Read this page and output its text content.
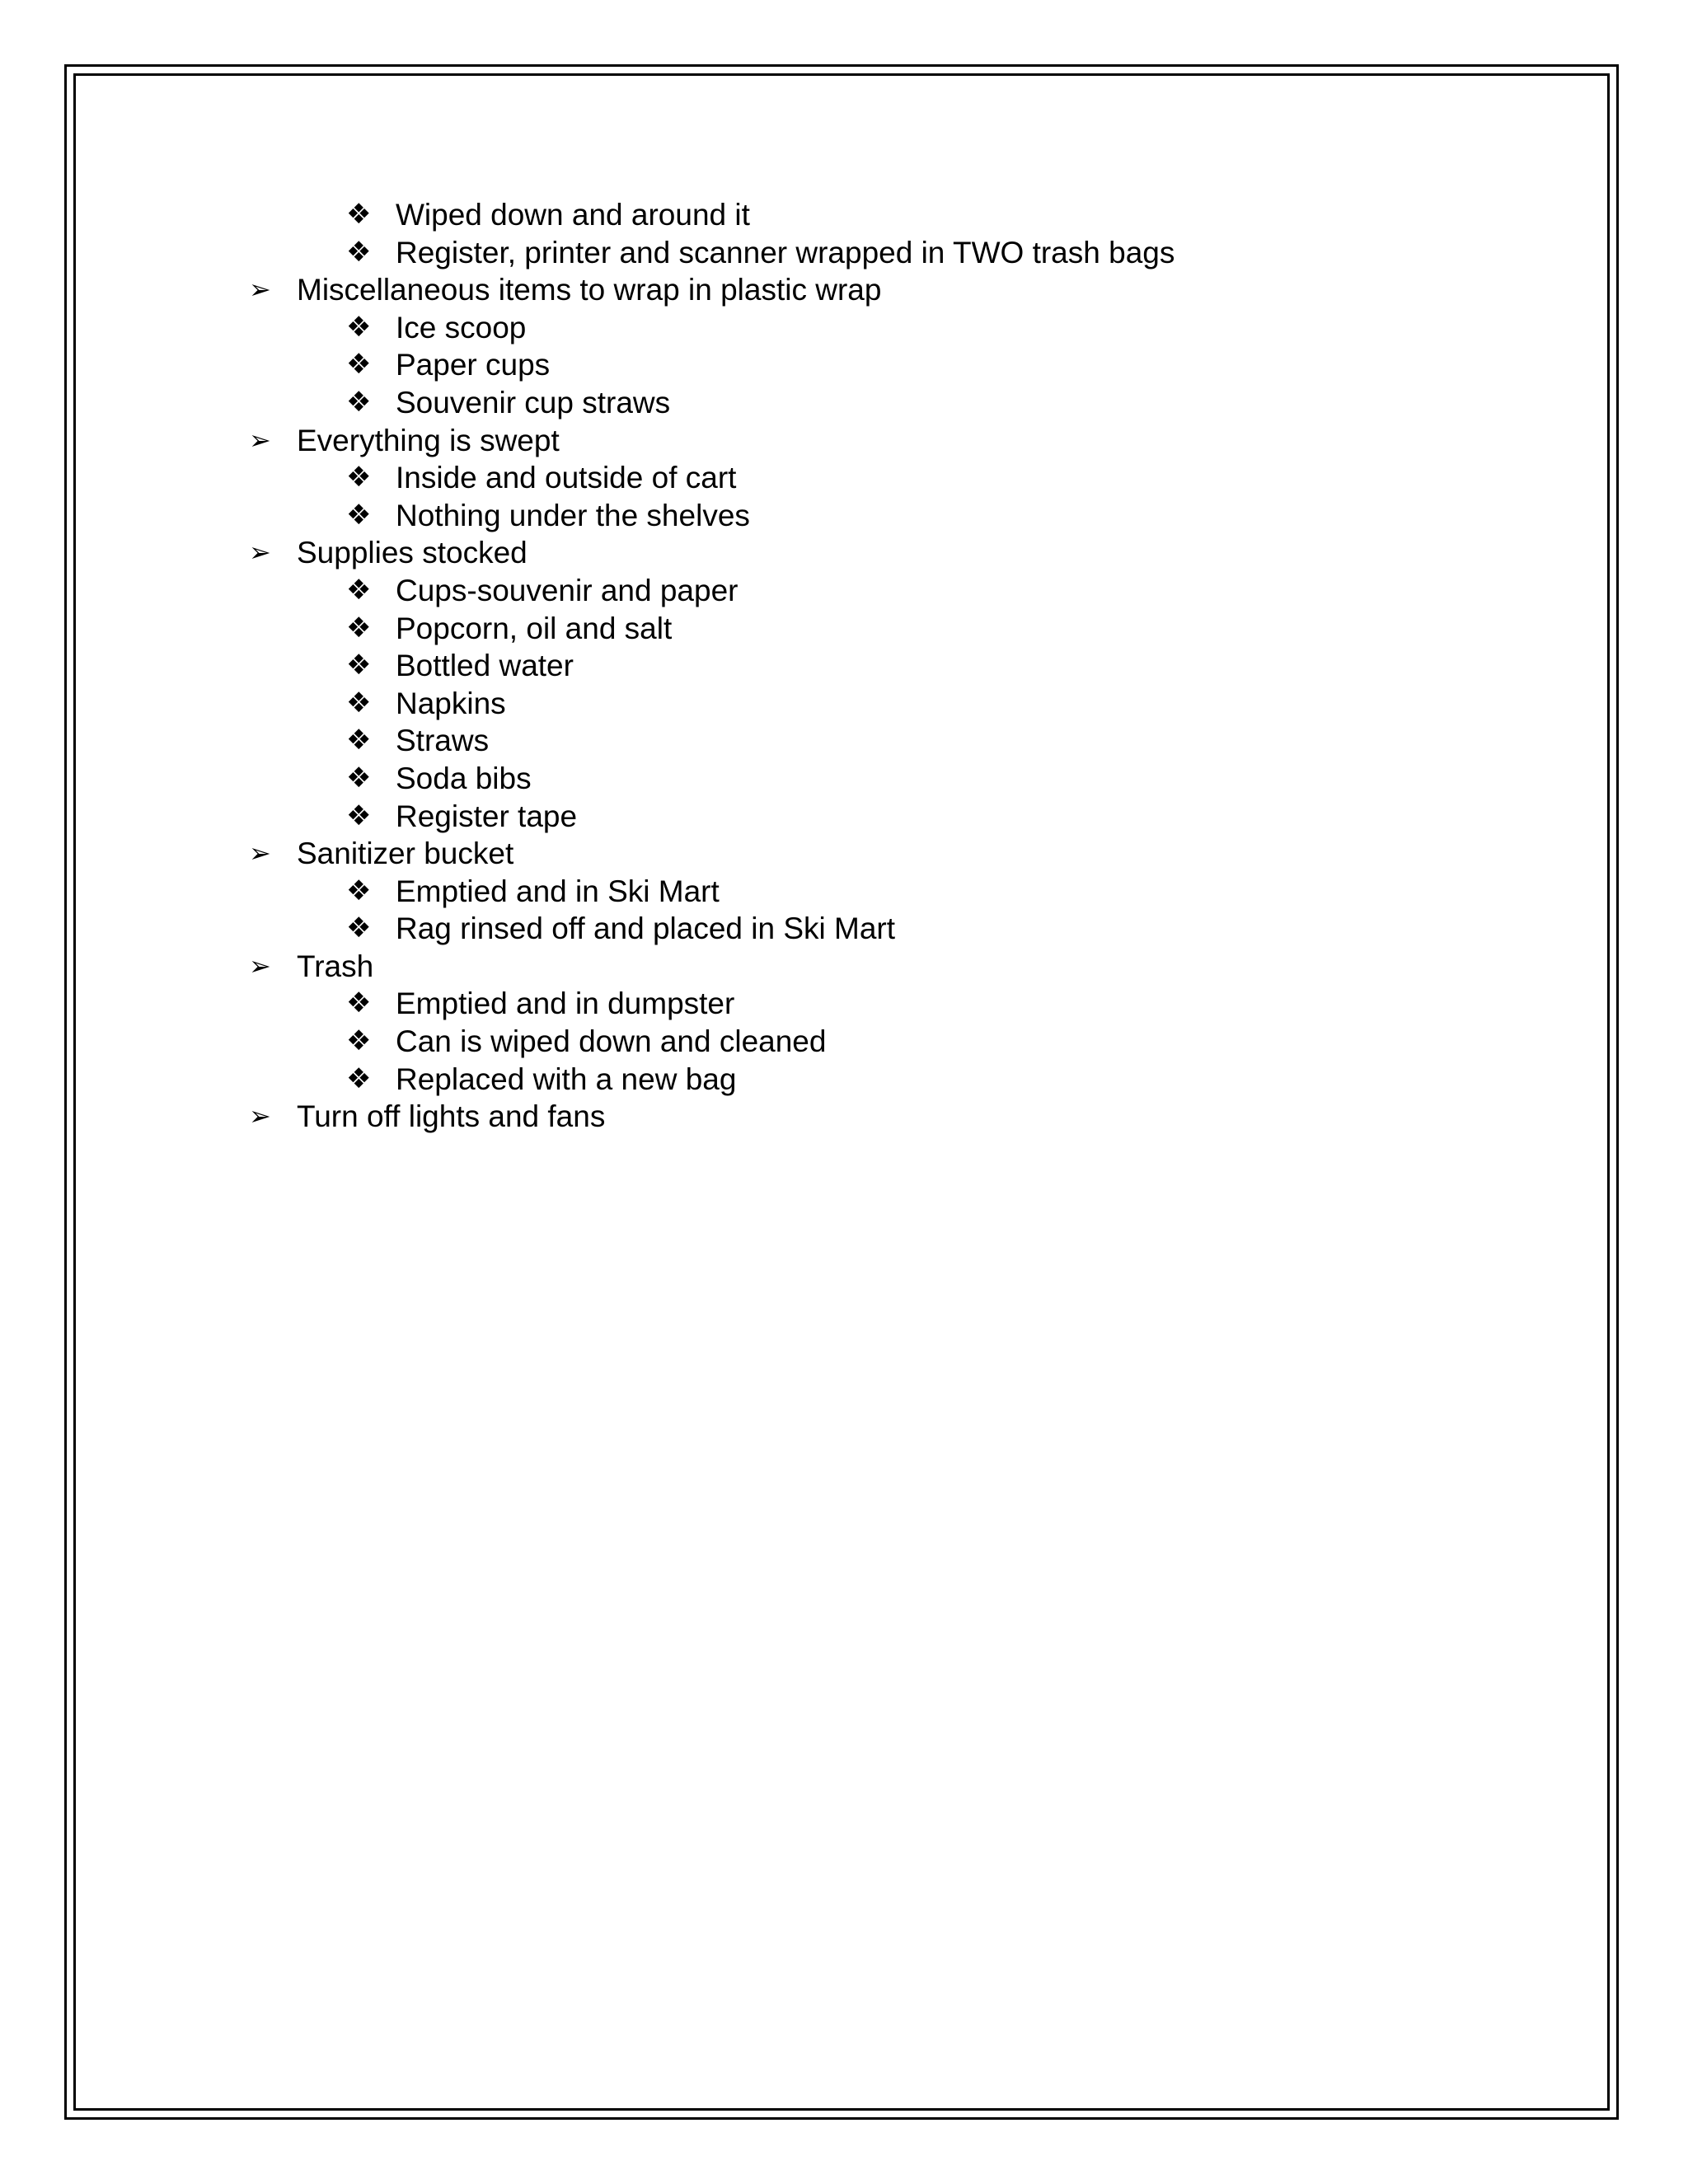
❖ Wiped down and around it
❖ Register, printer and scanner wrapped in TWO trash bags
➢ Miscellaneous items to wrap in plastic wrap
❖ Ice scoop
❖ Paper cups
❖ Souvenir cup straws
➢ Everything is swept
❖ Inside and outside of cart
❖ Nothing under the shelves
➢ Supplies stocked
❖ Cups-souvenir and paper
❖ Popcorn, oil and salt
❖ Bottled water
❖ Napkins
❖ Straws
❖ Soda bibs
❖ Register tape
➢ Sanitizer bucket
❖ Emptied and in Ski Mart
❖ Rag rinsed off and placed in Ski Mart
➢ Trash
❖ Emptied and in dumpster
❖ Can is wiped down and cleaned
❖ Replaced with a new bag
➢ Turn off lights and fans
